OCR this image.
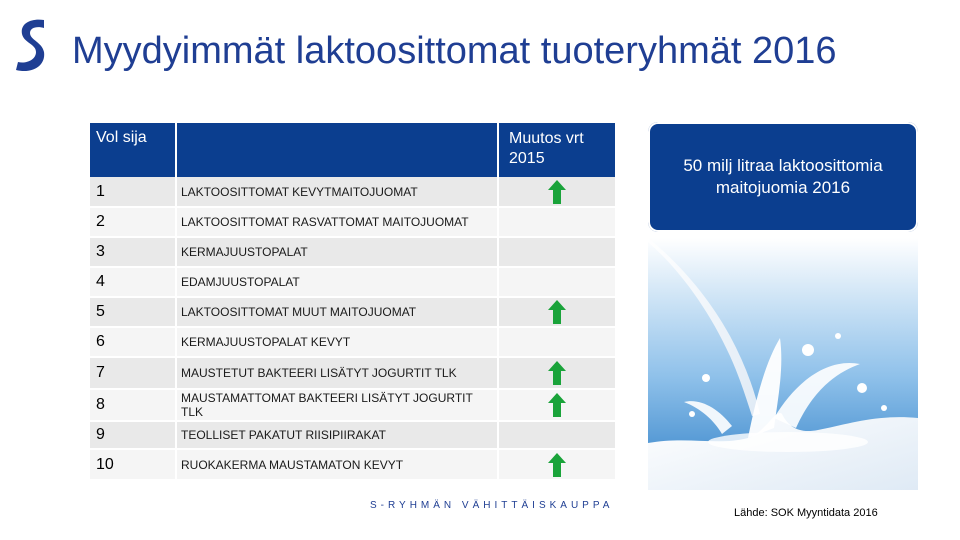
Myydyimmät laktoosittomat tuoteryhmät 2016
Vol sija		Muutos vrt 2015
1	LAKTOOSITTOMAT KEVYTMAITOJUOMAT	
2	LAKTOOSITTOMAT RASVATTOMAT MAITOJUOMAT	
3	KERMAJUUSTOPALAT	
4	EDAMJUUSTOPALAT	
5	LAKTOOSITTOMAT MUUT MAITOJUOMAT	
6	KERMAJUUSTOPALAT KEVYT	
7	MAUSTETUT BAKTEERI LISÄTYT JOGURTIT TLK	
8	MAUSTAMATTOMAT BAKTEERI LISÄTYT JOGURTIT TLK	
9	TEOLLISET PAKATUT RIISIPIIRAKAT	
10	RUOKAKERMA MAUSTAMATON KEVYT	
50 milj litraa laktoosittomia maitojuomia 2016
S-RYHMÄN VÄHITTÄISKAUPPA
Lähde: SOK Myyntidata 2016
